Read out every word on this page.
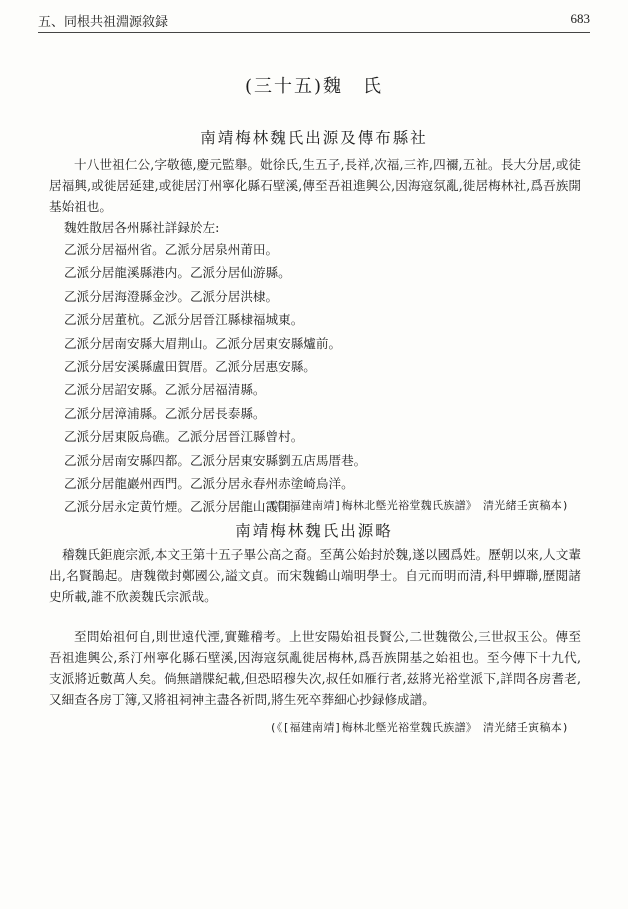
五、同根共祖淵源敘録	683
(三十五)魏　氏
南靖梅林魏氏出源及傳布縣社

十八世祖仁公,字敬德,慶元監舉。妣徐氏,生五子,長祥,次福,三祚,四禰,五祉。長大分居,或徒居福興,或徙居延建,或徙居汀州寧化縣石壁溪,傳至吾祖進興公,因海寇氛亂,徙居梅林社,爲吾族開基始祖也。

魏姓散居各州縣社詳録於左:

乙派分居福州省。乙派分居泉州莆田。
乙派分居龍溪縣港内。乙派分居仙游縣。
乙派分居海澄縣金沙。乙派分居洪棣。
乙派分居董杭。乙派分居晉江縣棣福城東。
乙派分居南安縣大眉荆山。乙派分居東安縣爐前。
乙派分居安溪縣盧田賀厝。乙派分居惠安縣。
乙派分居詔安縣。乙派分居福清縣。
乙派分居漳浦縣。乙派分居長泰縣。
乙派分居東阪烏礁。乙派分居晉江縣曾村。
乙派分居南安縣四都。乙派分居東安縣劉五店馬厝巷。
乙派分居龍巖州西門。乙派分居永春州赤塗崎烏洋。
乙派分居永定黄竹煙。乙派分居龍山霞開。
(《[福建南靖]梅林北墍光裕堂魏氏族譜》　清光緒壬寅稿本)
南靖梅林魏氏出源略

稽魏氏鉅鹿宗派,本文王第十五子畢公高之裔。至萬公始封於魏,遂以國爲姓。歷朝以來,人文輩出,名賢鵲起。唐魏徵封鄭國公,謚文貞。而宋魏鶴山端明學士。自元而明而清,科甲蟬聯,歷閲諸史所載,誰不欣羨魏氏宗派哉。

至問始祖何自,則世遠代湮,實難稽考。上世安陽始祖長賢公,二世魏徵公,三世叔玉公。傳至吾祖進興公,系汀州寧化縣石壁溪,因海寇氛亂徙居梅林,爲吾族開基之始祖也。至今傳下十九代,支派將近數萬人矣。倘無譜牒紀載,但恐昭穆失次,叔任如雁行者,兹將光裕堂派下,詳問各房耆老,又細查各房丁簿,又將祖祠神主盡各祈問,將生死卒葬細心抄録修成譜。

(《[福建南靖]梅林北墍光裕堂魏氏族譜》　清光緒壬寅稿本)
